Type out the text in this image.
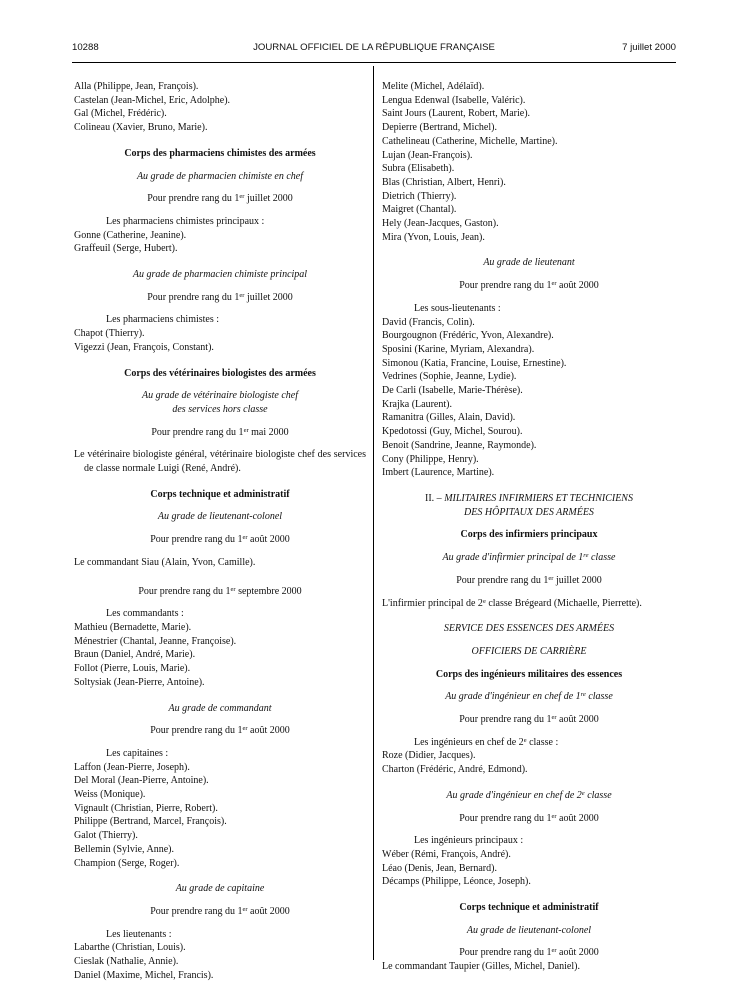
10288	JOURNAL OFFICIEL DE LA RÉPUBLIQUE FRANÇAISE	7 juillet 2000

Alla (Philippe, Jean, François).

Castelan (Jean-Michel, Eric, Adolphe).

Gal (Michel, Frédéric).

Colineau (Xavier, Bruno, Marie).

Corps des pharmaciens chimistes des armées

Au grade de pharmacien chimiste en chef

Pour prendre rang du 1er juillet 2000

Les pharmaciens chimistes principaux :

Gonne (Catherine, Jeanine).

Graffeuil (Serge, Hubert).

Au grade de pharmacien chimiste principal

Pour prendre rang du 1er juillet 2000

Les pharmaciens chimistes :

Chapot (Thierry).

Vigezzi (Jean, François, Constant).

Corps des vétérinaires biologistes des armées

Au grade de vétérinaire biologiste chef

des services hors classe

Pour prendre rang du 1er mai 2000

Le vétérinaire biologiste général, vétérinaire biologiste chef des services de classe normale Luigi (René, André).

Corps technique et administratif

Au grade de lieutenant-colonel

Pour prendre rang du 1er août 2000

Le commandant Siau (Alain, Yvon, Camille).

Pour prendre rang du 1er septembre 2000

Les commandants :

Mathieu (Bernadette, Marie).

Ménestrier (Chantal, Jeanne, Françoise).

Braun (Daniel, André, Marie).

Follot (Pierre, Louis, Marie).

Soltysiak (Jean-Pierre, Antoine).

Au grade de commandant

Pour prendre rang du 1er août 2000

Les capitaines :

Laffon (Jean-Pierre, Joseph).

Del Moral (Jean-Pierre, Antoine).

Weiss (Monique).

Vignault (Christian, Pierre, Robert).

Philippe (Bertrand, Marcel, François).

Galot (Thierry).

Bellemin (Sylvie, Anne).

Champion (Serge, Roger).

Au grade de capitaine

Pour prendre rang du 1er août 2000

Les lieutenants :

Labarthe (Christian, Louis).

Cieslak (Nathalie, Annie).

Daniel (Maxime, Michel, Francis).

Melite (Michel, Adélaïd).

Lengua Edenwal (Isabelle, Valéric).

Saint Jours (Laurent, Robert, Marie).

Depierre (Bertrand, Michel).

Cathelineau (Catherine, Michelle, Martine).

Lujan (Jean-François).

Subra (Elisabeth).

Blas (Christian, Albert, Henri).

Dietrich (Thierry).

Maigret (Chantal).

Hely (Jean-Jacques, Gaston).

Mira (Yvon, Louis, Jean).

Au grade de lieutenant

Pour prendre rang du 1er août 2000

Les sous-lieutenants :

David (Francis, Colin).

Bourgougnon (Frédéric, Yvon, Alexandre).

Sposini (Karine, Myriam, Alexandra).

Simonou (Katia, Francine, Louise, Ernestine).

Vedrines (Sophie, Jeanne, Lydie).

De Carli (Isabelle, Marie-Thérèse).

Krajka (Laurent).

Ramanitra (Gilles, Alain, David).

Kpedotossi (Guy, Michel, Sourou).

Benoit (Sandrine, Jeanne, Raymonde).

Cony (Philippe, Henry).

Imbert (Laurence, Martine).

II. – MILITAIRES INFIRMIERS ET TECHNICIENS

DES HÔPITAUX DES ARMÉES

Corps des infirmiers principaux

Au grade d'infirmier principal de 1re classe

Pour prendre rang du 1er juillet 2000

L'infirmier principal de 2e classe Brégeard (Michaelle, Pierrette).

SERVICE DES ESSENCES DES ARMÉES

OFFICIERS DE CARRIÈRE

Corps des ingénieurs militaires des essences

Au grade d'ingénieur en chef de 1re classe

Pour prendre rang du 1er août 2000

Les ingénieurs en chef de 2e classe :

Roze (Didier, Jacques).

Charton (Frédéric, André, Edmond).

Au grade d'ingénieur en chef de 2e classe

Pour prendre rang du 1er août 2000

Les ingénieurs principaux :

Wéber (Rémi, François, André).

Léao (Denis, Jean, Bernard).

Décamps (Philippe, Léonce, Joseph).

Corps technique et administratif

Au grade de lieutenant-colonel

Pour prendre rang du 1er août 2000

Le commandant Taupier (Gilles, Michel, Daniel).
